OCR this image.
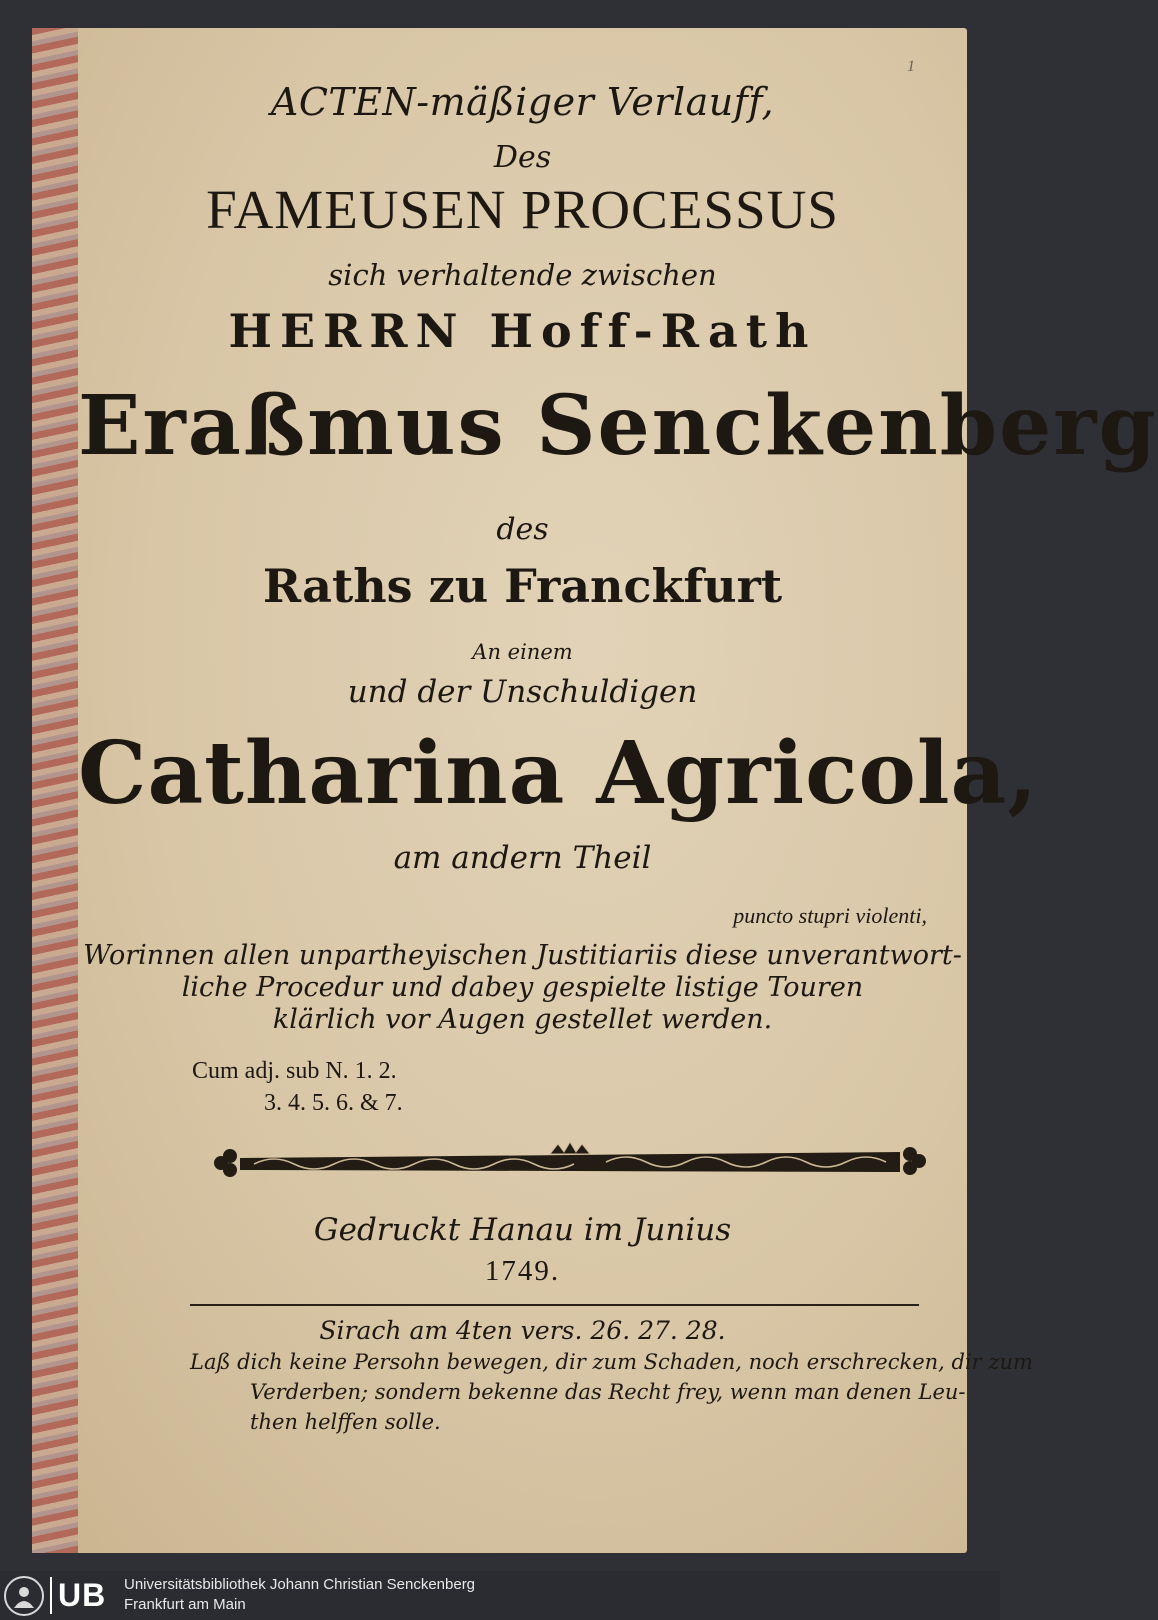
1
ACTEN-mäßiger Verlauff,
Des
FAMEUSEN PROCESSUS
sich verhaltende zwischen
HERRN Hoff-Rath
Eraßmus Senckenberg
des
Raths zu Franckfurt
An einem
und der Unschuldigen
Catharina Agricola,
am andern Theil
puncto stupri violenti,
Worinnen allen unpartheyischen Justitiariis diese unverantwort-
liche Procedur und dabey gespielte listige Touren
klärlich vor Augen gestellet werden.
Cum adj. sub N. 1. 2.
3. 4. 5. 6. & 7.
Gedruckt Hanau im Junius
1749.
Sirach am 4ten vers. 26. 27. 28.
Laß dich keine Persohn bewegen, dir zum Schaden, noch erschrecken, dir zum
Verderben; sondern bekenne das Recht frey, wenn man denen Leu-
then helffen solle.
UB Universitätsbibliothek Johann Christian Senckenberg
Frankfurt am Main
